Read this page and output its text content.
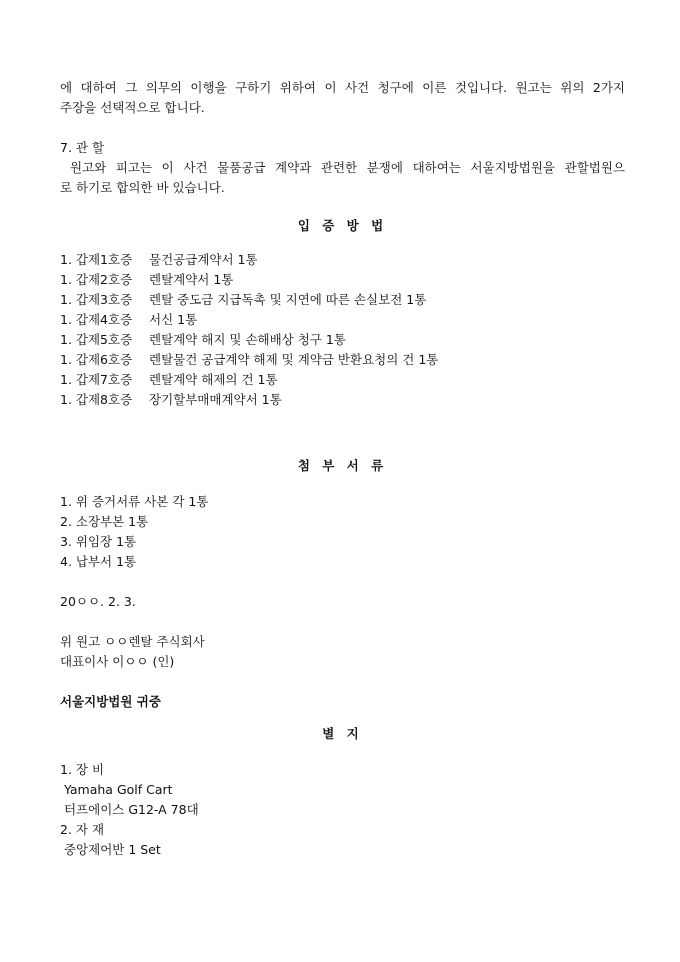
에 대하여 그 의무의 이행을 구하기 위하여 이 사건 청구에 이른 것입니다. 원고는 위의 2가지
주장을 선택적으로 합니다.
7. 관 할
원고와 피고는 이 사건 물품공급 계약과 관련한 분쟁에 대하여는 서울지방법원을 관할법원으
로 하기로 합의한 바 있습니다.
입 증 방 법
1. 갑제1호증 물건공급계약서 1통
1. 갑제2호증 렌탈계약서 1통
1. 갑제3호증 렌탈 중도금 지급독촉 및 지연에 따른 손실보전 1통
1. 갑제4호증 서신 1통
1. 갑제5호증 렌탈계약 해지 및 손해배상 청구 1통
1. 갑제6호증 렌탈물건 공급계약 해제 및 계약금 반환요청의 건 1통
1. 갑제7호증 렌탈계약 해제의 건 1통
1. 갑제8호증 장기할부매매계약서 1통
첨 부 서 류
1. 위 증거서류 사본 각 1통
2. 소장부본 1통
3. 위임장 1통
4. 납부서 1통
20ㅇㅇ. 2. 3.
위 원고 ㅇㅇ렌탈 주식회사
대표이사 이ㅇㅇ (인)
서울지방법원 귀중
별 지
1. 장 비
Yamaha Golf Cart
터프에이스 G12-A 78대
2. 자 재
중앙제어반 1 Set
